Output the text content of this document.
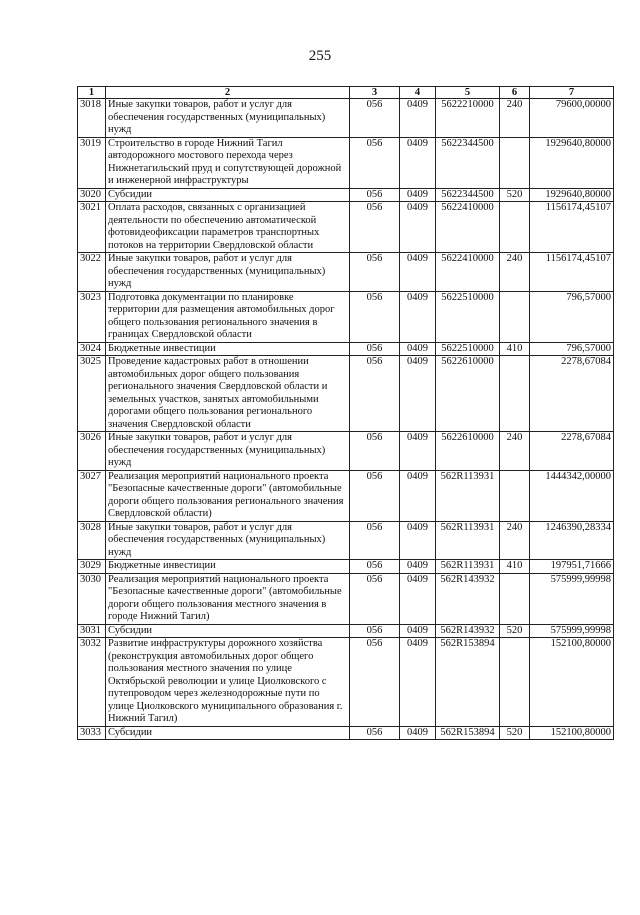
255
1	2	3	4	5	6	7
3018	Иные закупки товаров, работ и услуг для обеспечения государственных (муниципальных) нужд	056	0409	5622210000	240	79600,00000
3019	Строительство в городе Нижний Тагил автодорожного мостового перехода через Нижнетагильский пруд и сопутствующей дорожной и инженерной инфраструктуры	056	0409	5622344500		1929640,80000
3020	Субсидии	056	0409	5622344500	520	1929640,80000
3021	Оплата расходов, связанных с организацией деятельности по обеспечению автоматической фотовидеофиксации параметров транспортных потоков на территории Свердловской области	056	0409	5622410000		1156174,45107
3022	Иные закупки товаров, работ и услуг для обеспечения государственных (муниципальных) нужд	056	0409	5622410000	240	1156174,45107
3023	Подготовка документации по планировке территории для размещения автомобильных дорог общего пользования регионального значения в границах Свердловской области	056	0409	5622510000		796,57000
3024	Бюджетные инвестиции	056	0409	5622510000	410	796,57000
3025	Проведение кадастровых работ в отношении автомобильных дорог общего пользования регионального значения Свердловской области и земельных участков, занятых автомобильными дорогами общего пользования регионального значения Свердловской области	056	0409	5622610000		2278,67084
3026	Иные закупки товаров, работ и услуг для обеспечения государственных (муниципальных) нужд	056	0409	5622610000	240	2278,67084
3027	Реализация мероприятий национального проекта "Безопасные качественные дороги" (автомобильные дороги общего пользования регионального значения Свердловской области)	056	0409	562R113931		1444342,00000
3028	Иные закупки товаров, работ и услуг для обеспечения государственных (муниципальных) нужд	056	0409	562R113931	240	1246390,28334
3029	Бюджетные инвестиции	056	0409	562R113931	410	197951,71666
3030	Реализация мероприятий национального проекта "Безопасные качественные дороги" (автомобильные дороги общего пользования местного значения в городе Нижний Тагил)	056	0409	562R143932		575999,99998
3031	Субсидии	056	0409	562R143932	520	575999,99998
3032	Развитие инфраструктуры дорожного хозяйства (реконструкция автомобильных дорог общего пользования местного значения по улице Октябрьской революции и улице Циолковского с путепроводом через железнодорожные пути по улице Циолковского муниципального образования г. Нижний Тагил)	056	0409	562R153894		152100,80000
3033	Субсидии	056	0409	562R153894	520	152100,80000
